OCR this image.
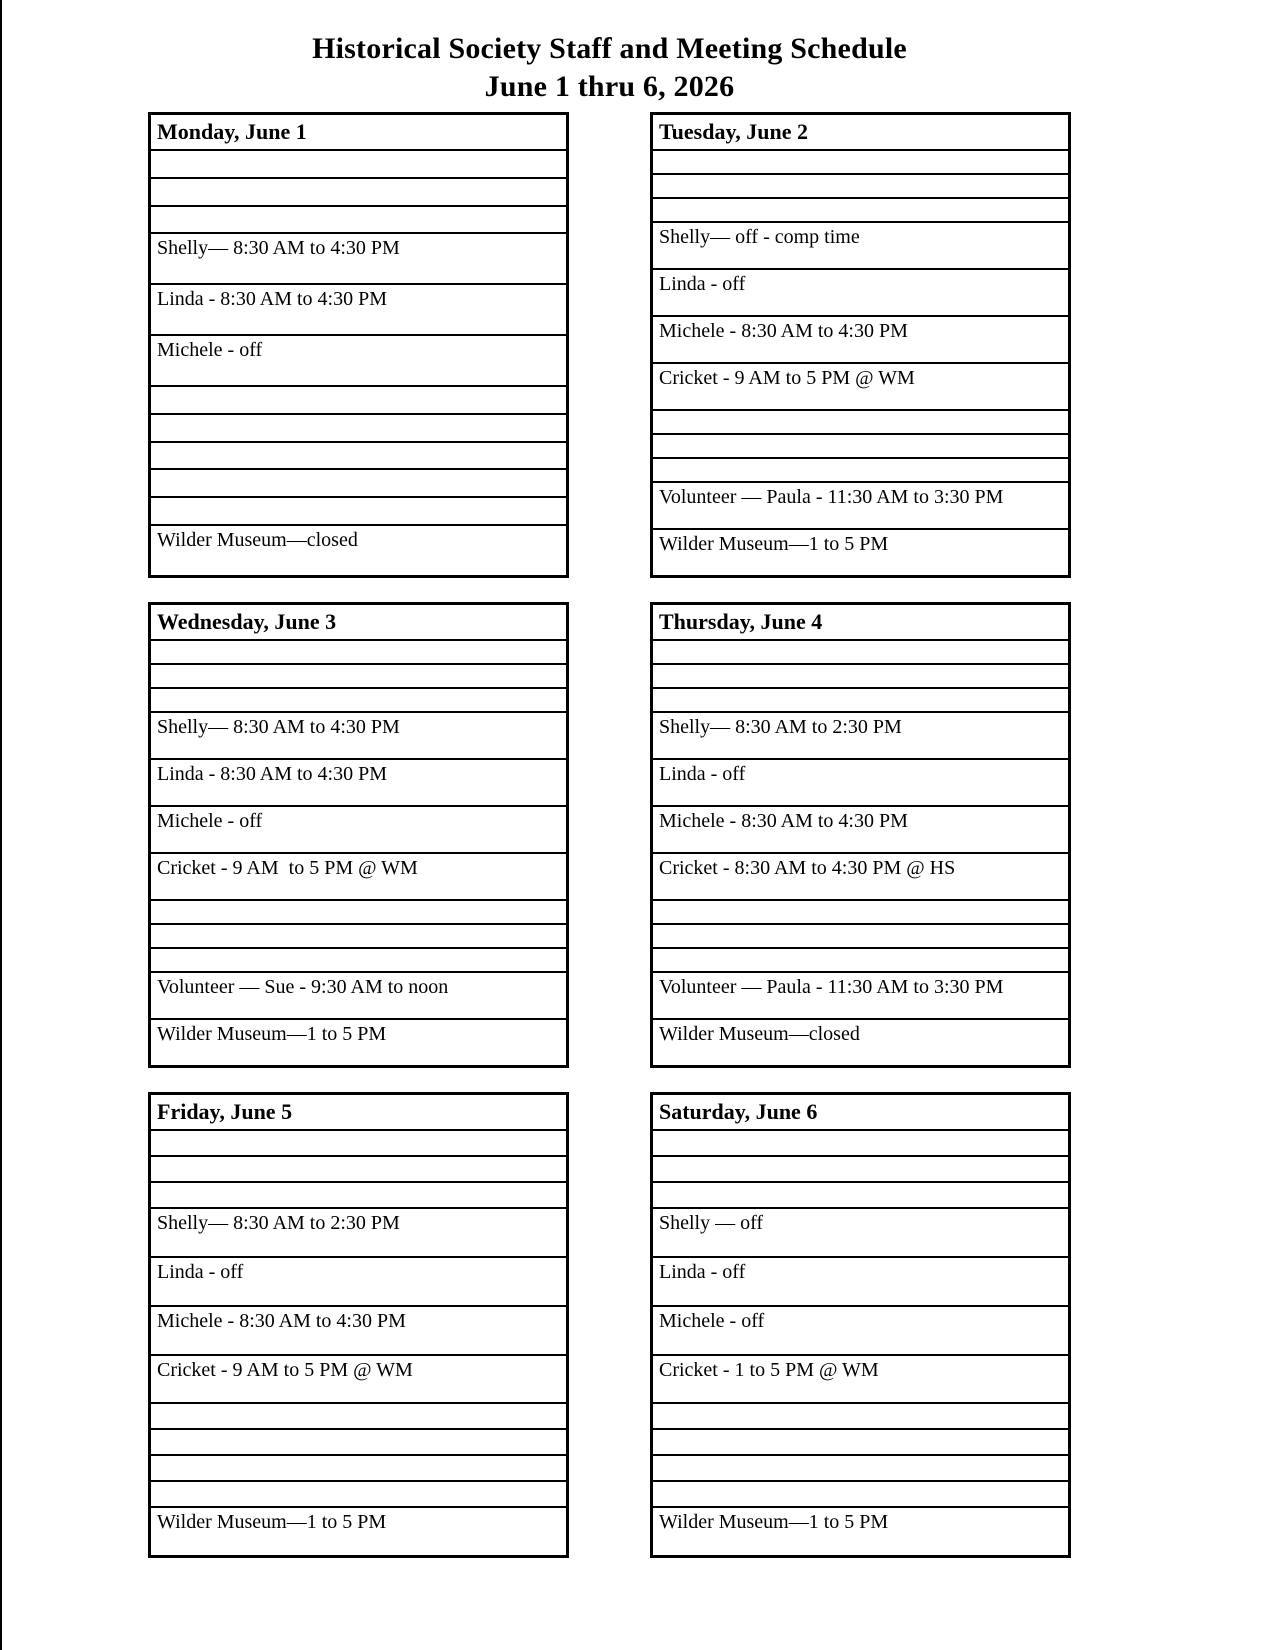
Historical Society Staff and Meeting Schedule
June 1 thru 6, 2026
Monday, June 1
Shelly— 8:30 AM to 4:30 PM
Linda - 8:30 AM to 4:30 PM
Michele - off
Wilder Museum—closed
Tuesday, June 2
Shelly— off - comp time
Linda - off
Michele - 8:30 AM to 4:30 PM
Cricket - 9 AM to 5 PM @ WM
Volunteer — Paula - 11:30 AM to 3:30 PM
Wilder Museum—1 to 5 PM
Wednesday, June 3
Shelly— 8:30 AM to 4:30 PM
Linda - 8:30 AM to 4:30 PM
Michele - off
Cricket - 9 AM  to 5 PM @ WM
Volunteer — Sue - 9:30 AM to noon
Wilder Museum—1 to 5 PM
Thursday, June 4
Shelly— 8:30 AM to 2:30 PM
Linda - off
Michele - 8:30 AM to 4:30 PM
Cricket - 8:30 AM to 4:30 PM @ HS
Volunteer — Paula - 11:30 AM to 3:30 PM
Wilder Museum—closed
Friday, June 5
Shelly— 8:30 AM to 2:30 PM
Linda - off
Michele - 8:30 AM to 4:30 PM
Cricket - 9 AM to 5 PM @ WM
Wilder Museum—1 to 5 PM
Saturday, June 6
Shelly — off
Linda - off
Michele - off
Cricket - 1 to 5 PM @ WM
Wilder Museum—1 to 5 PM
